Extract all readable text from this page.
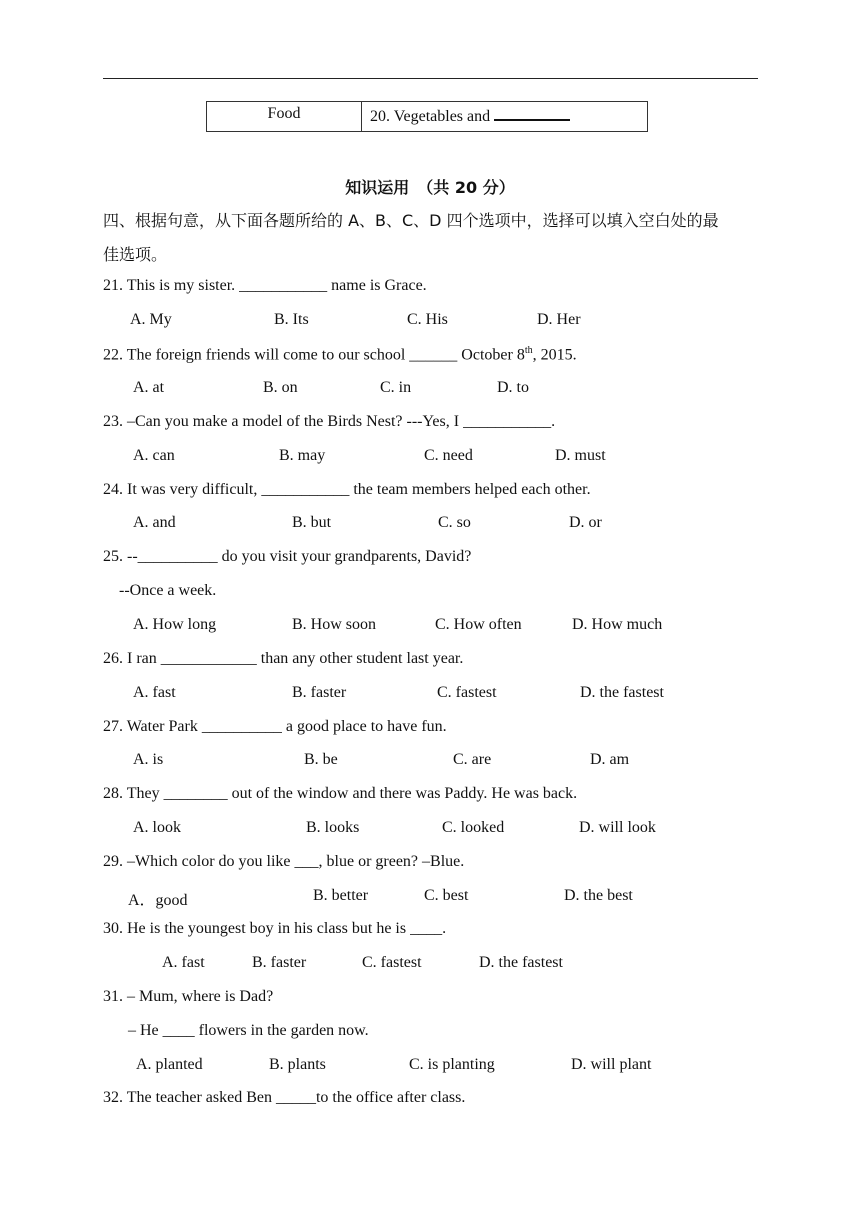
Food	20. Vegetables and
知识运用　（共 20 分）
四、根据句意，从下面各题所给的 A、B、C、D 四个选项中，选择可以填入空白处的最
佳选项。
21. This is my sister. ___________ name is Grace.
A. My	B. Its	C. His	D. Her
22. The foreign friends will come to our school ______ October 8th, 2015.
A. at	B. on	C. in	D. to
23. –Can you make a model of the Birds Nest? ---Yes, I ___________.
A. can	B. may	C. need	D. must
24. It was very difficult, ___________ the team members helped each other.
A. and	B. but	C. so	D. or
25. --__________ do you visit your grandparents, David?
--Once a week.
A. How long	B. How soon	C. How often	D. How much
26. I ran ____________ than any other student last year.
A. fast	B. faster	C. fastest	D. the fastest
27. Water Park __________ a good place to have fun.
A. is	B. be	C. are	D. am
28. They ________ out of the window and there was Paddy. He was back.
A. look	B. looks	C. looked	D. will look
29. –Which color do you like ___, blue or green? –Blue.
A．good	B. better	C. best	D. the best
30. He is the youngest boy in his class but he is ____.
A. fast	B. faster	C. fastest	D. the fastest
31. – Mum, where is Dad?
– He ____ flowers in the garden now.
A. planted	B. plants	C. is planting	D. will plant
32. The teacher asked Ben _____to the office after class.
